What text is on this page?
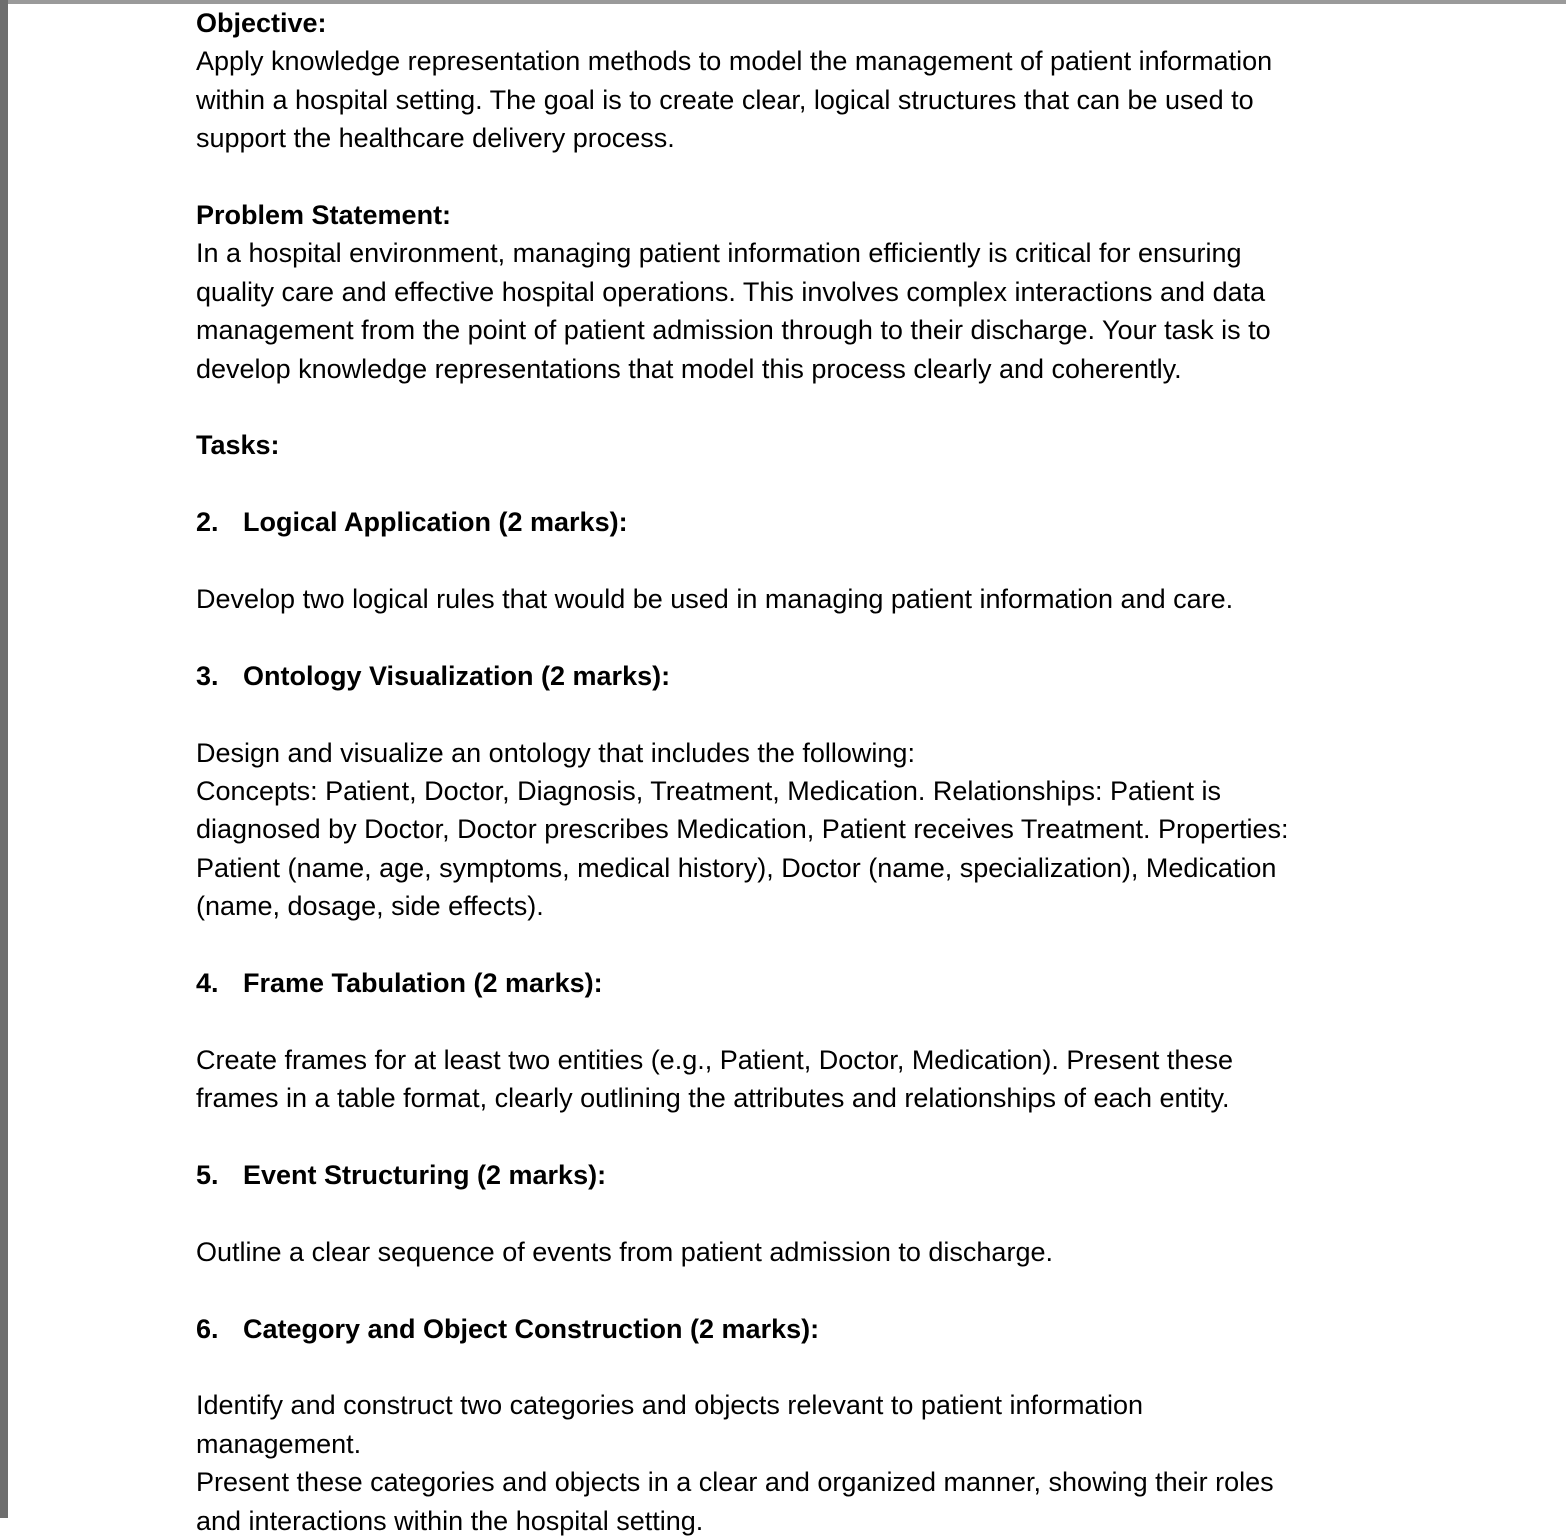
Objective:

Apply knowledge representation methods to model the management of patient information

within a hospital setting. The goal is to create clear, logical structures that can be used to

support the healthcare delivery process.

Problem Statement:

In a hospital environment, managing patient information efficiently is critical for ensuring

quality care and effective hospital operations. This involves complex interactions and data

management from the point of patient admission through to their discharge. Your task is to

develop knowledge representations that model this process clearly and coherently.

Tasks:

2. Logical Application (2 marks):

Develop two logical rules that would be used in managing patient information and care.

3. Ontology Visualization (2 marks):

Design and visualize an ontology that includes the following:

Concepts: Patient, Doctor, Diagnosis, Treatment, Medication. Relationships: Patient is

diagnosed by Doctor, Doctor prescribes Medication, Patient receives Treatment. Properties:

Patient (name, age, symptoms, medical history), Doctor (name, specialization), Medication

(name, dosage, side effects).

4. Frame Tabulation (2 marks):

Create frames for at least two entities (e.g., Patient, Doctor, Medication). Present these

frames in a table format, clearly outlining the attributes and relationships of each entity.

5. Event Structuring (2 marks):

Outline a clear sequence of events from patient admission to discharge.

6. Category and Object Construction (2 marks):

Identify and construct two categories and objects relevant to patient information

management.

Present these categories and objects in a clear and organized manner, showing their roles

and interactions within the hospital setting.
